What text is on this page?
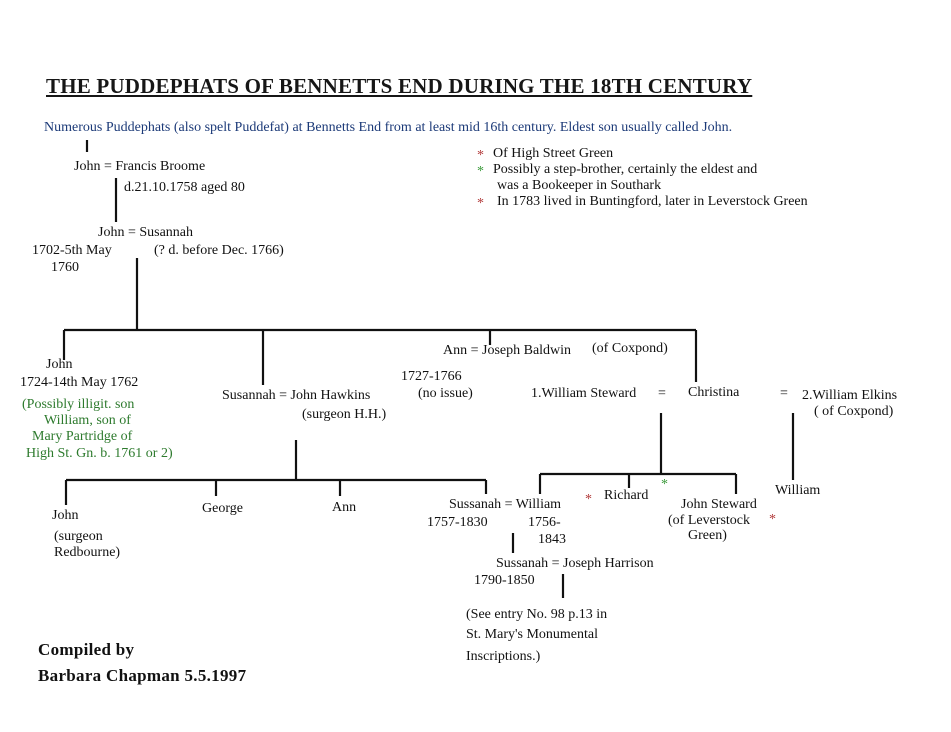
THE PUDDEPHATS OF BENNETTS END DURING THE 18TH CENTURY
Numerous Puddephats (also spelt Puddefat) at Bennetts End from at least mid 16th century. Eldest son usually called John.
* Of High Street Green
* Possibly a step-brother, certainly the eldest and
was a Bookeeper in Southark
* In 1783 lived in Buntingford, later in Leverstock Green
John = Francis Broome
d.21.10.1758 aged 80
John = Susannah
1702-5th May
1760
(? d. before Dec. 1766)
John
1724-14th May 1762
(Possibly illigit. son
William, son of
Mary Partridge of
High St. Gn. b. 1761 or 2)
Susannah = John Hawkins
(surgeon H.H.)
Ann = Joseph Baldwin (of Coxpond)
1727-1766
(no issue)	1.William Steward = Christina	= 2.William Elkins
( of Coxpond)
John
(surgeon
Redbourne)
George	Ann	Sussanah = William
1757-1830	1756-
1843
* Richard
*
John Steward
(of Leverstock
Green)
*
William
Sussanah = Joseph Harrison
1790-1850
(See entry No. 98 p.13 in
St. Mary's Monumental
Inscriptions.)
Compiled by
Barbara Chapman 5.5.1997
